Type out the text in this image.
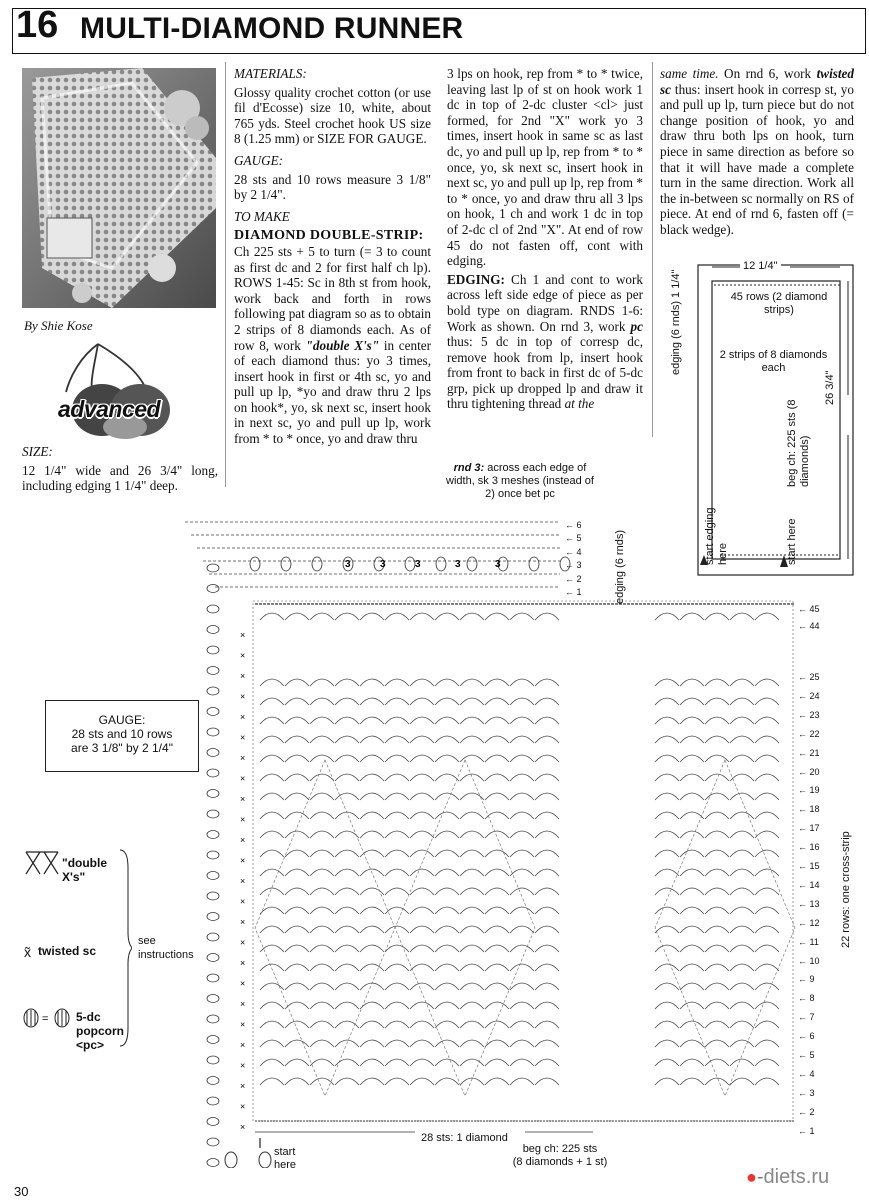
16 MULTI-DIAMOND RUNNER
By Shie Kose
advanced

SIZE:

12 1/4" wide and 26 3/4" long, including edging 1 1/4" deep.

MATERIALS:

Glossy quality crochet cotton (or use fil d'Ecosse) size 10, white, about 765 yds. Steel crochet hook US size 8 (1.25 mm) or SIZE FOR GAUGE.

GAUGE:

28 sts and 10 rows measure 3 1/8" by 2 1/4".

TO MAKE

DIAMOND DOUBLE-STRIP:

Ch 225 sts + 5 to turn (= 3 to count as first dc and 2 for first half ch lp). ROWS 1-45: Sc in 8th st from hook, work back and forth in rows following pat diagram so as to obtain 2 strips of 8 diamonds each. As of row 8, work "double X's" in center of each diamond thus: yo 3 times, insert hook in first or 4th sc, yo and pull up lp, *yo and draw thru 2 lps on hook*, yo, sk next sc, insert hook in next sc, yo and pull up lp, work from * to * once, yo and draw thru

3 lps on hook, rep from * to * twice, leaving last lp of st on hook work 1 dc in top of 2-dc cluster <cl> just formed, for 2nd "X" work yo 3 times, insert hook in same sc as last dc, yo and pull up lp, rep from * to * once, yo, sk next sc, insert hook in next sc, yo and pull up lp, rep from * to * once, yo and draw thru all 3 lps on hook, 1 ch and work 1 dc in top of 2-dc cl of 2nd "X". At end of row 45 do not fasten off, cont with edging.

EDGING: Ch 1 and cont to work across left side edge of piece as per bold type on diagram. RNDS 1-6: Work as shown. On rnd 3, work pc thus: 5 dc in top of corresp dc, remove hook from lp, insert hook from front to back in first dc of 5-dc grp, pick up dropped lp and draw it thru tightening thread at the

same time. On rnd 6, work twisted sc thus: insert hook in corresp st, yo and pull up lp, turn piece but do not change position of hook, yo and draw thru both lps on hook, turn piece in same direction as before so that it will have made a complete turn in the same direction. Work all the in-between sc normally on RS of piece. At end of rnd 6, fasten off (= black wedge).

12 1/4"
45 rows (2 diamond strips)
2 strips of 8 diamonds each
26 3/4"
edging (6 rnds) 1 1/4"
beg ch: 225 sts (8 diamonds)
start edging here	start here
rnd 3: across each edge of width, sk 3 meshes (instead of 2) once bet pc
3	3	3	3	3
×
×
×
×
×
×
×
×
×
×
×
×
×
×
×
×
×
×
×
×
×
×
×
×
×
← 6
← 5
← 4
← 3
← 2
← 1	edging (6 rnds)
← 45
← 44
← 25
← 24
← 23
← 22
← 21
← 20
← 19
← 18
← 17
← 16
← 15
← 14
← 13
← 12
← 11
← 10
← 9
← 8
← 7
← 6
← 5
← 4
← 3
← 2
← 1
22 rows: one cross-strip
28 sts: 1 diamond
beg ch: 225 sts
(8 diamonds + 1 st)
start here
GAUGE:
28 sts and 10 rows
are 3 1/8" by 2 1/4"
"double X's"
x̃ twisted sc
= 5-dc popcorn <pc>
see instructions
30
●-diets.ru
